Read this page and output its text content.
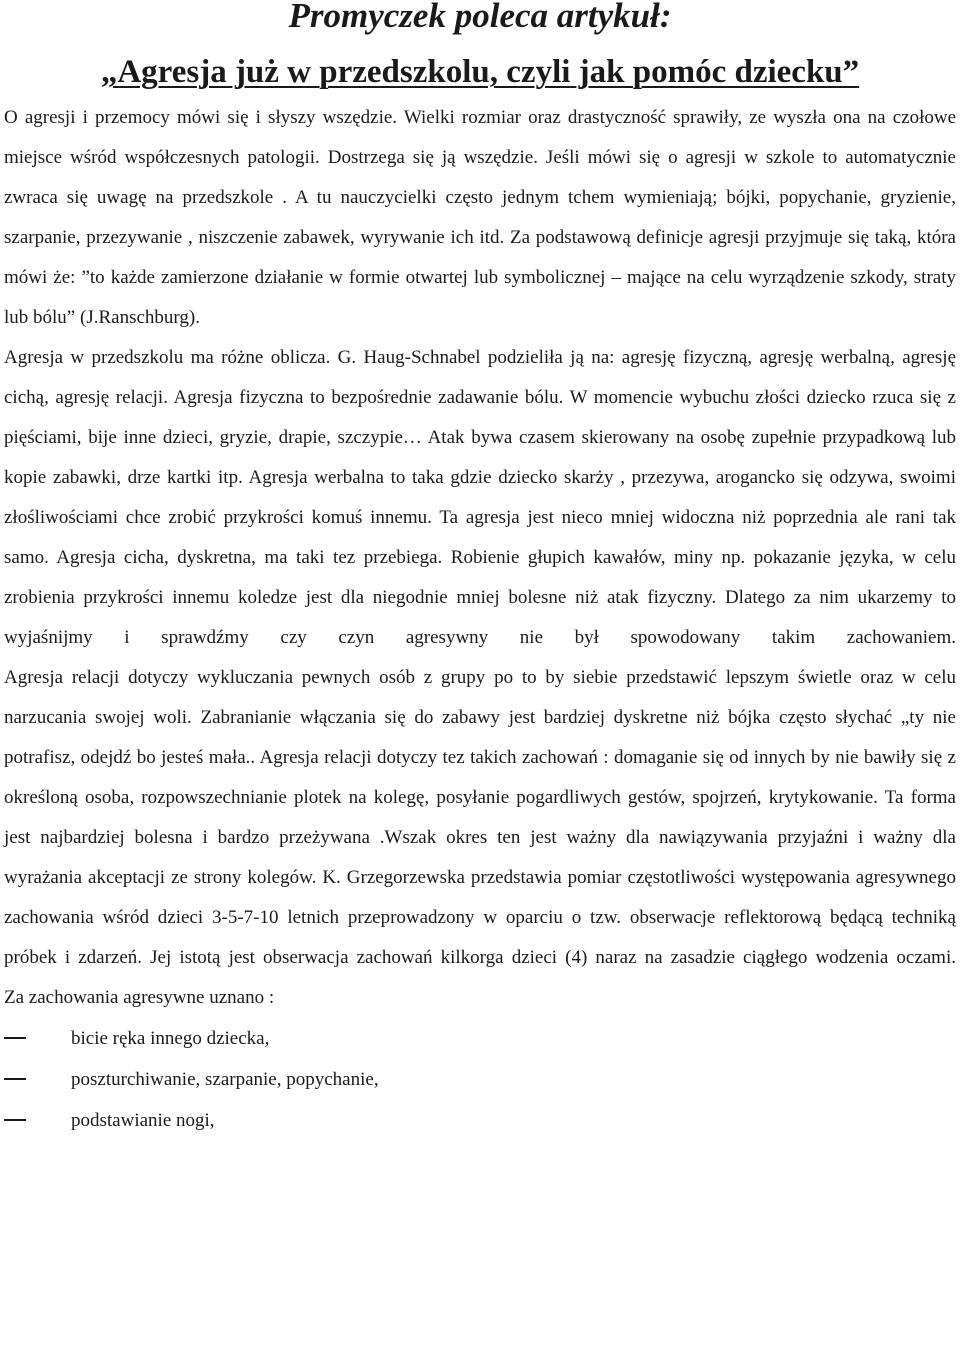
Promyczek poleca artykuł:
„Agresja już w przedszkolu, czyli jak pomóc dziecku”

O agresji i przemocy mówi się i słyszy wszędzie. Wielki rozmiar oraz drastyczność sprawiły, ze wyszła ona na czołowe miejsce wśród współczesnych patologii. Dostrzega się ją wszędzie. Jeśli mówi się o agresji w szkole to automatycznie zwraca się uwagę na przedszkole . A tu nauczycielki często jednym tchem wymieniają; bójki, popychanie, gryzienie, szarpanie, przezywanie , niszczenie zabawek, wyrywanie ich itd. Za podstawową definicje agresji przyjmuje się taką, która mówi że: ”to każde zamierzone działanie w formie otwartej lub symbolicznej – mające na celu wyrządzenie szkody, straty lub bólu” (J.Ranschburg).

Agresja w przedszkolu ma różne oblicza. G. Haug-Schnabel podzieliła ją na: agresję fizyczną, agresję werbalną, agresję cichą, agresję relacji. Agresja fizyczna to bezpośrednie zadawanie bólu. W momencie wybuchu złości dziecko rzuca się z pięściami, bije inne dzieci, gryzie, drapie, szczypie… Atak bywa czasem skierowany na osobę zupełnie przypadkową lub kopie zabawki, drze kartki itp. Agresja werbalna to taka gdzie dziecko skarży , przezywa, arogancko się odzywa, swoimi złośliwościami chce zrobić przykrości komuś innemu. Ta agresja jest nieco mniej widoczna niż poprzednia ale rani tak samo. Agresja cicha, dyskretna, ma taki tez przebiega. Robienie głupich kawałów, miny np. pokazanie języka, w celu zrobienia przykrości innemu koledze jest dla niegodnie mniej bolesne niż atak fizyczny. Dlatego za nim ukarzemy to wyjaśnijmy i sprawdźmy czy czyn agresywny nie był spowodowany takim zachowaniem.

Agresja relacji dotyczy wykluczania pewnych osób z grupy po to by siebie przedstawić lepszym świetle oraz w celu narzucania swojej woli. Zabranianie włączania się do zabawy jest bardziej dyskretne niż bójka często słychać „ty nie potrafisz, odejdź bo jesteś mała.. Agresja relacji dotyczy tez takich zachowań : domaganie się od innych by nie bawiły się z określoną osoba, rozpowszechnianie plotek na kolegę, posyłanie pogardliwych gestów, spojrzeń, krytykowanie. Ta forma jest najbardziej bolesna i bardzo przeżywana .Wszak okres ten jest ważny dla nawiązywania przyjaźni i ważny dla wyrażania akceptacji ze strony kolegów. K. Grzegorzewska przedstawia pomiar częstotliwości występowania agresywnego zachowania wśród dzieci 3-5-7-10 letnich przeprowadzony w oparciu o tzw. obserwacje reflektorową będącą techniką próbek i zdarzeń. Jej istotą jest obserwacja zachowań kilkorga dzieci (4) naraz na zasadzie ciągłego wodzenia oczami.

Za zachowania agresywne uznano :

bicie ręka innego dziecka,
poszturchiwanie, szarpanie, popychanie,
podstawianie nogi,
